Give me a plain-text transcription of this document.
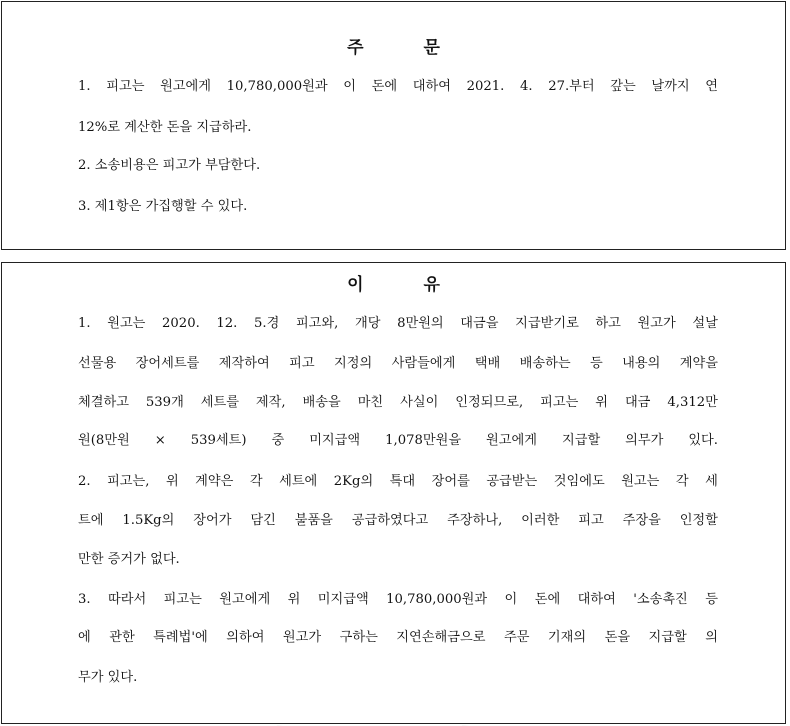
주	문
1. 피고는 원고에게 10,780,000원과 이 돈에 대하여 2021. 4. 27.부터 갚는 날까지 연
12%로 계산한 돈을 지급하라.
2. 소송비용은 피고가 부담한다.
3. 제1항은 가집행할 수 있다.
이	유
1. 원고는 2020. 12. 5.경 피고와, 개당 8만원의 대금을 지급받기로 하고 원고가 설날
선물용 장어세트를 제작하여 피고 지정의 사람들에게 택배 배송하는 등 내용의 계약을
체결하고 539개 세트를 제작, 배송을 마친 사실이 인정되므로, 피고는 위 대금 4,312만
원(8만원 × 539세트) 중 미지급액 1,078만원을 원고에게 지급할 의무가 있다.
2. 피고는, 위 계약은 각 세트에 2Kg의 특대 장어를 공급받는 것임에도 원고는 각 세
트에 1.5Kg의 장어가 담긴 불품을 공급하였다고 주장하나, 이러한 피고 주장을 인정할
만한 증거가 없다.
3. 따라서 피고는 원고에게 위 미지급액 10,780,000원과 이 돈에 대하여 '소송촉진 등
에 관한 특례법'에 의하여 원고가 구하는 지연손해금으로 주문 기재의 돈을 지급할 의
무가 있다.
